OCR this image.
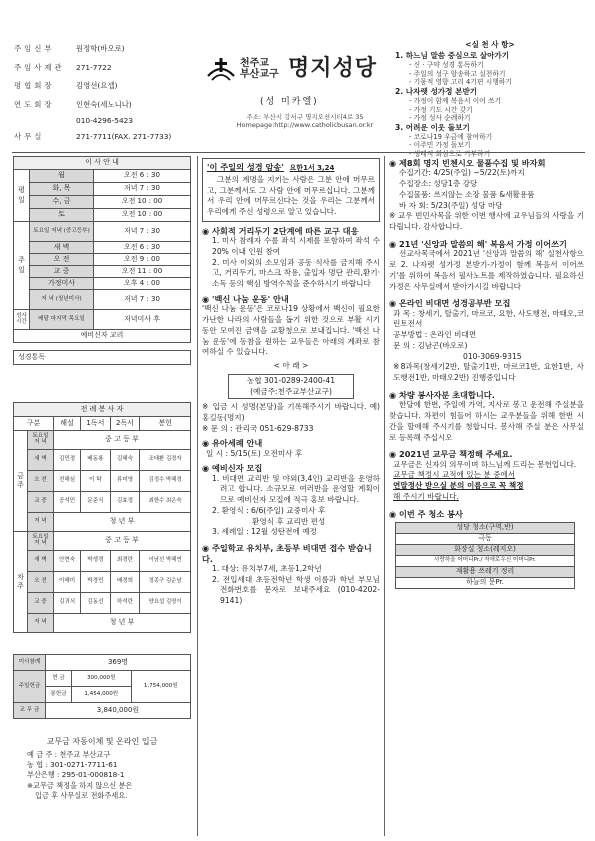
주임신부	원정학(바오로)
주임사제관	271-7722
평협회장	김영선(요셉)
연도회장	인현숙(세노니나)
010-4296-5423
사무실	271-7711(FAX. 271-7733)
천주교
부산교구 명지성당
(성 미카엘)
주소: 부산시 강서구 명지오션시티4로 35
Homepage:http://www.catholicbusan.or.kr
<실 천 사 항>
1. 하느님 말씀 중심으로 살아가기
- 신 · 구약 성경 통독하기
- 주일의 성구 암송하고 실천하기
- 기뭄적 영향 고리 4기편 시행하기
2. 나자렛 성가정 본받기
- 가정이 함께 복음서 이어 쓰기
- 가정 기도 시간 갖기
- 가정 성사 순례하기
3. 어려운 이웃 돌보기
- 코로나19 우금에 참여하기
- 이주민 가정 돌보기
- 생태적 회심으로 기부하기
이 사 안 내		
평일	월	오전 6 : 30
	화, 목	저녁 7 : 30
	수, 금	오전 10 : 00
	토	오전 10 : 00
주일	토요일 저녁 (중고등부)	저녁 7 : 30
	새 벽	오전 6 : 30
	오 전	오전 9 : 00
	교 중	오전 11 : 00
	가정미사	오후 4 : 00
	저 녁 (청년미사)	저녁 7 : 30
성사시간	매달 마지막 목요일	저녁미사 후
예비신자 교리		

성경통독		
전 례 봉 사 자					
구분		해설	1독서	2독서	봉헌
금주	토요일 저 녁	중 고 등 부			
	새 벽	김민정	배동룡	김혜숙	조태환 김경자
	오 전	전해심	이 탁	류미영	김정수 박혜경
	교 중	공석민	문준식	김효정	최한수 최은숙
	저 녁	청 년 부			
차주	토요일 저 녁	중 고 등 부			
	새 벽	안현숙	박생경	최경란	이남선 박혜연
	오 전	이혜미	박경민	배경희	정종구 김순남
	교 중	김귀식	김동선	하석란	양요섭 김영이
	저 녁	청 년 부			
미사참례	369명		
주일헌금	현 금	300,000원	1,754,000원
	봉헌금	1,454,000원	
교 무 금	3,840,000원		
교무금 자동이체 및 온라인 입금
예 금 주 : 천주교 부산교구
농 협 : 301-0271-7711-61
부산은행 : 295-01-000818-1
※교무금 책정을 하지 않으신 분은
입금 후 사무실로 전화주세요.
'이 주일의 성경 암송' 요한1서 3,24
그분의 계명을 지키는 사람은 그분 안에 머무르고, 그분께서도 그 사람 안에 머무르십니다. 그분께서 우리 안에 머무르신다는 것을 우리는 그분께서 우리에게 주신 성령으로 알고 있습니다.
◉ 사회적 거리두기 2단계에 따른 교구 대응
1. 미사 참례자 수를 좌석 시제를 포함하여 좌석 수 20% 이내 인원 참여
2. 미사 이외의 소모임과 공동 식사를 금지해 주시고, 거리두기, 마스크 착용, 출입자 명단 관리,환기·소독 등의 핵심 방역수칙을 준수하시기 바랍니다
◉ '백신 나눔 운동' 안내
'백신 나눔 운동'은 코로나19 상황에서 백신이 필요한 가난한 나라의 사람들을 돕기 위한 것으로 부활 시기 동안 모여진 금액을 교황청으로 보내집니다. '백신 나눔 운동'에 동참을 원하는 교우들은 아래의 계좌로 참여하실 수 있습니다.
< 아 래 >
농협 301-0289-2400-41
(예금주:천주교부산교구)
※ 입금 시 성명(본당)을 기록해주시기 바랍니다. 예)홍길동(명지)
※ 문 의 : 관리국 051-629-8733
◉ 유아세례 안내
일 시 : 5/15(토) 오전미사 후
◉ 예비신자 모집
1. 비대면 교리반 및 야외(3,4인) 교리반을 운영하려고 합니다. 소규모로 여러반을 운영할 계획이므로 예비신자 모집에 적극 홍보 바랍니다.
2. 환영식 : 6/6(주일) 교중미사 후
환영식 후 교리반 편성
3. 세례일 : 12월 성탄전에 예정
◉ 주일학교 유치부, 초등부 비대면 접수 받습니다.
1. 대상: 유치부7세, 초등1,2학년
2. 전입세대 초등전학년 학생 이름과 학년 부모님 전화번호를 문자로 보내주세요 (010-4202-9141)
◉ 제8회 명지 빈첸시오 물품수집 및 바자회
수집기간: 4/25(주일) ~5/22(토)까지
수집장소: 성당1층 강당
수집물품: 쓰지않는 소장 물품 &새활용품
바 자 회: 5/23(주일) 성당 마당
※ 교우 빈민사목을 위한 이번 행사에 교우님들의 사랑을 기다립니다. 감사합니다.
◉ 21년 '신앙과 말씀의 해' 복음서 가정 이어쓰기
선교사목국에서 2021년 '신앙과 말씀의 해' 실천사항으로 2. 나자렛 성가정 본받기-가정이 함께 복음서 이어쓰기'를 위하여 복음서 필사노트를 제작하였습니다. 필요하신 가정은 사무실에서 받아가시길 바랍니다
◉ 온라인 비대면 성경공부반 모집
과 목 : 창세기, 탈출기, 마르코, 요한, 사도행전, 마태오,코린토전서
공부방법 : 온라인 비대면
문 의 : 김남곤(바오로)
010-3069-9315
※8과목(창세기2반, 탈출기1반, 마르코1반, 요한1반, 사도행전1반, 마태오2반) 진행중입니다
◉ 차량 봉사자분 초대합니다.
한달에 한번, 주일에 가역, 지사로 봉고 운전해 주실분을 찾습니다. 차편이 힘들어 하시는 교우분들을 위해 한번 시간을 할애해 주시기를 청합니다. 봉사해 주실 분은 사무실로 등록해 주십시오
◉ 2021년 교무금 책정해 주세요.
교무금은 신자의 의무이며 하느님께 드리는 봉헌입니다.
교무금 책정시 교적에 있는 분 중에서
연말정산 받으실 분의 이름으로 꼭 책정
해 주시기 바랍니다.
◉ 이번 주 청소 봉사
성당 청소(구역,반)
극동
화장실 청소(레지오)
사랑하올 어머니Pr./ 자애로우신 어머니Pr.
재활용 쓰레기 정리
하늘의 문Pr.
